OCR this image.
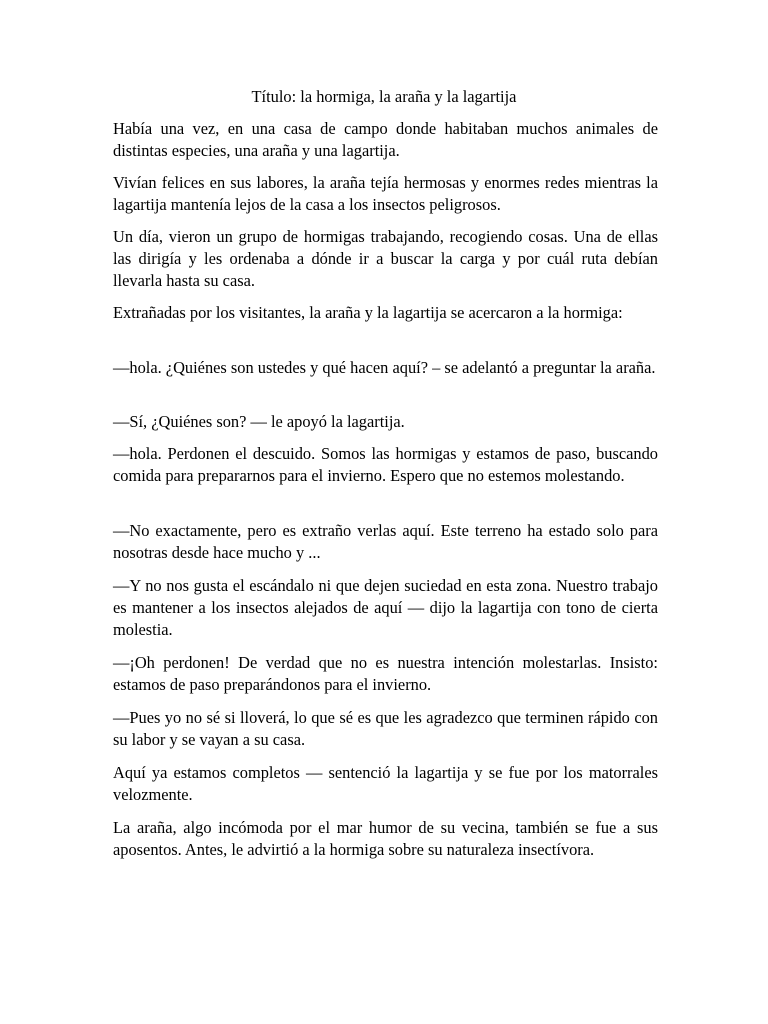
Título: la hormiga, la araña y la lagartija

Había una vez, en una casa de campo donde habitaban muchos animales de distintas especies, una araña y una lagartija.

Vivían felices en sus labores, la araña tejía hermosas y enormes redes mientras la lagartija mantenía lejos de la casa a los insectos peligrosos.

Un día, vieron un grupo de hormigas trabajando, recogiendo cosas. Una de ellas las dirigía y les ordenaba a dónde ir a buscar la carga y por cuál ruta debían llevarla hasta su casa.

Extrañadas por los visitantes, la araña y la lagartija se acercaron a la hormiga:

—hola. ¿Quiénes son ustedes y qué hacen aquí? – se adelantó a preguntar la araña.

—Sí, ¿Quiénes son? — le apoyó la lagartija.

—hola. Perdonen el descuido. Somos las hormigas y estamos de paso, buscando comida para prepararnos para el invierno. Espero que no estemos molestando.

—No exactamente, pero es extraño verlas aquí. Este terreno ha estado solo para nosotras desde hace mucho y ...

—Y no nos gusta el escándalo ni que dejen suciedad en esta zona. Nuestro trabajo es mantener a los insectos alejados de aquí — dijo la lagartija con tono de cierta molestia.

—¡Oh perdonen! De verdad que no es nuestra intención molestarlas. Insisto: estamos de paso preparándonos para el invierno.

—Pues yo no sé si lloverá, lo que sé es que les agradezco que terminen rápido con su labor y se vayan a su casa.

Aquí ya estamos completos — sentenció la lagartija y se fue por los matorrales velozmente.

La araña, algo incómoda por el mar humor de su vecina, también se fue a sus aposentos. Antes, le advirtió a la hormiga sobre su naturaleza insectívora.
